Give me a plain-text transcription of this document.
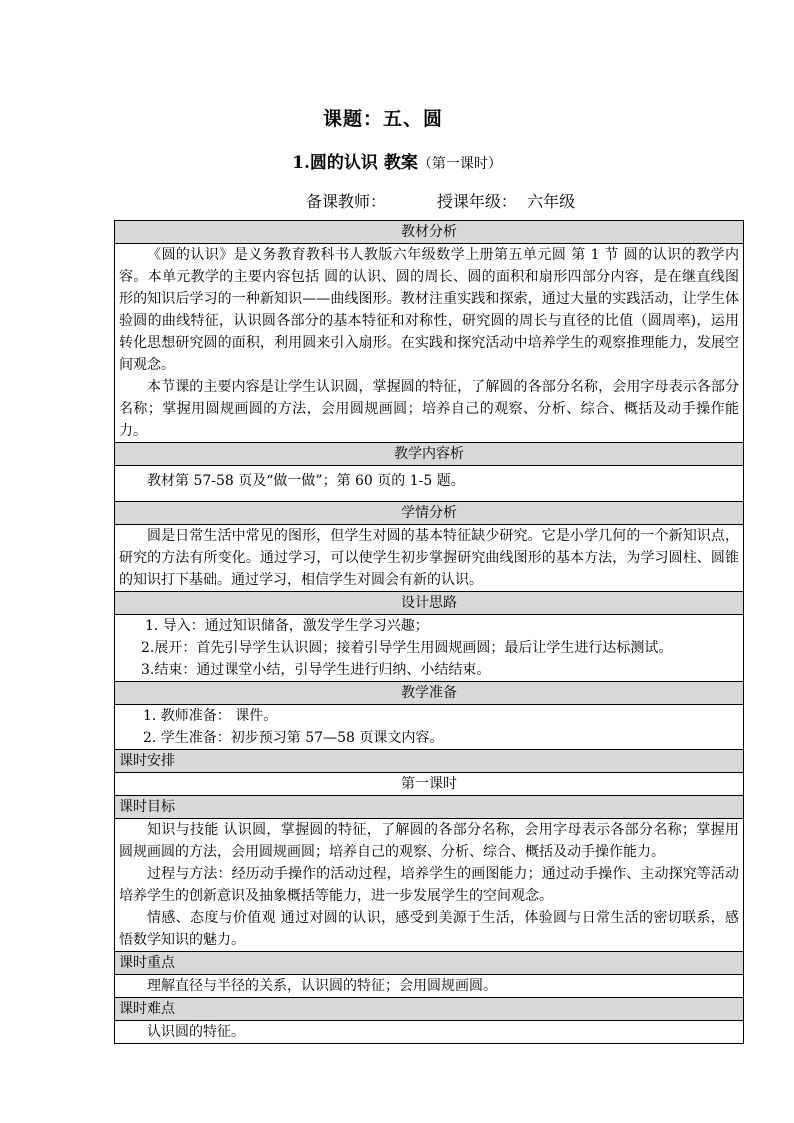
课题：五、圆
1.圆的认识 教案（第一课时）
备课教师：	授课年级： 六年级
教材分析

《圆的认识》是义务教育教科书人教版六年级数学上册第五单元圆 第 1 节 圆的认识的教学内容。本单元教学的主要内容包括 圆的认识、圆的周长、圆的面积和扇形四部分内容，是在继直线图形的知识后学习的一种新知识——曲线图形。教材注重实践和探索，通过大量的实践活动，让学生体验圆的曲线特征，认识圆各部分的基本特征和对称性，研究圆的周长与直径的比值（圆周率)，运用转化思想研究圆的面积，利用圆来引入扇形。在实践和探究活动中培养学生的观察推理能力，发展空间观念。

本节课的主要内容是让学生认识圆，掌握圆的特征，了解圆的各部分名称，会用字母表示各部分名称；掌握用圆规画圆的方法，会用圆规画圆；培养自己的观察、分析、综合、概括及动手操作能力。

教学内容析

教材第 57-58 页及“做一做”；第 60 页的 1-5 题。

学情分析

圆是日常生活中常见的图形，但学生对圆的基本特征缺少研究。它是小学几何的一个新知识点，研究的方法有所变化。通过学习，可以使学生初步掌握研究曲线图形的基本方法，为学习圆柱、圆锥的知识打下基础。通过学习，相信学生对圆会有新的认识。

设计思路

1. 导入：通过知识储备，激发学生学习兴趣；

2.展开：首先引导学生认识圆；接着引导学生用圆规画圆；最后让学生进行达标测试。

3.结束：通过课堂小结，引导学生进行归纳、小结结束。

教学准备

1. 教师准备： 课件。

2. 学生准备：初步预习第 57—58 页课文内容。

课时安排
第一课时
课时目标

知识与技能 认识圆，掌握圆的特征，了解圆的各部分名称，会用字母表示各部分名称；掌握用圆规画圆的方法，会用圆规画圆；培养自己的观察、分析、综合、概括及动手操作能力。

过程与方法：经历动手操作的活动过程，培养学生的画图能力；通过动手操作、主动探究等活动培养学生的创新意识及抽象概括等能力，进一步发展学生的空间观念。

情感、态度与价值观 通过对圆的认识，感受到美源于生活，体验圆与日常生活的密切联系，感悟数学知识的魅力。

课时重点

理解直径与半径的关系，认识圆的特征；会用圆规画圆。

课时难点

认识圆的特征。
